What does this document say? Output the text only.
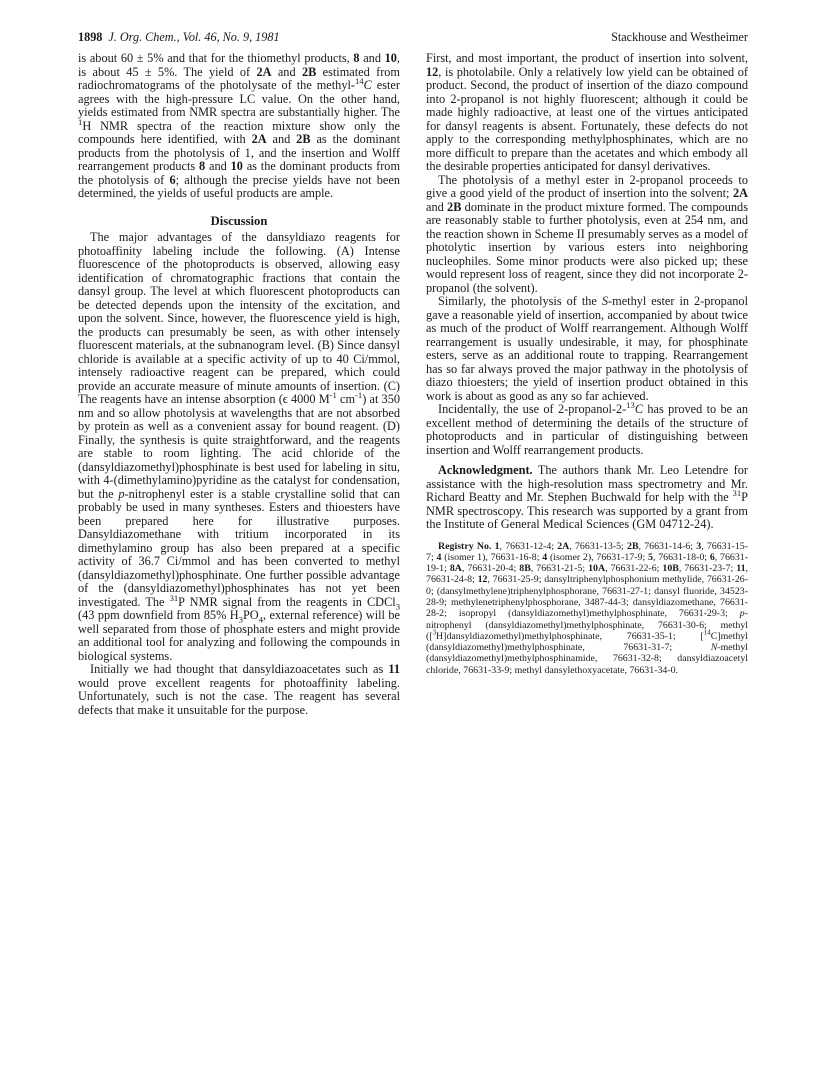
1898 J. Org. Chem., Vol. 46, No. 9, 1981	Stackhouse and Westheimer

is about 60 ± 5% and that for the thiomethyl products, 8 and 10, is about 45 ± 5%. The yield of 2A and 2B estimated from radiochromatograms of the photolysate of the methyl-$^{14}$C ester agrees with the high-pressure LC value. On the other hand, yields estimated from NMR spectra are substantially higher. The $^1$H NMR spectra of the reaction mixture show only the compounds here identified, with 2A and 2B as the dominant products from the photolysis of 1, and the insertion and Wolff rearrangement products 8 and 10 as the dominant products from the photolysis of 6; although the precise yields have not been determined, the yields of useful products are ample.

Discussion

The major advantages of the dansyldiazo reagents for photoaffinity labeling include the following. (A) Intense fluorescence of the photoproducts is observed, allowing easy identification of chromatographic fractions that contain the dansyl group. The level at which fluorescent photoproducts can be detected depends upon the intensity of the excitation, and upon the solvent. Since, however, the fluorescence yield is high, the products can presumably be seen, as with other intensely fluorescent materials, at the subnanogram level. (B) Since dansyl chloride is available at a specific activity of up to 40 Ci/mmol, intensely radioactive reagent can be prepared, which could provide an accurate measure of minute amounts of insertion. (C) The reagents have an intense absorption (ϵ 4000 $M^{-1}$ $cm^{-1}$) at 350 nm and so allow photolysis at wavelengths that are not absorbed by protein as well as a convenient assay for bound reagent. (D) Finally, the synthesis is quite straightforward, and the reagents are stable to room lighting. The acid chloride of the (dansyldiazomethyl)phosphinate is best used for labeling in situ, with 4-(dimethylamino)pyridine as the catalyst for condensation, but the p-nitrophenyl ester is a stable crystalline solid that can probably be used in many syntheses. Esters and thioesters have been prepared here for illustrative purposes. Dansyldiazomethane with tritium incorporated in its dimethylamino group has also been prepared at a specific activity of 36.7 Ci/mmol and has been converted to methyl (dansyldiazomethyl)phosphinate. One further possible advantage of the (dansyldiazomethyl)phosphinates has not yet been investigated. The $^{31}$P NMR signal from the reagents in CDCl$_3$ (43 ppm downfield from 85% $H_3PO_4$, external reference) will be well separated from those of phosphate esters and might provide an additional tool for analyzing and following the compounds in biological systems.

Initially we had thought that dansyldiazoacetates such as 11 would prove excellent reagents for photoaffinity labeling. Unfortunately, such is not the case. The reagent has several defects that make it unsuitable for the purpose.

First, and most important, the product of insertion into solvent, 12, is photolabile. Only a relatively low yield can be obtained of product. Second, the product of insertion of the diazo compound into 2-propanol is not highly fluorescent; although it could be made highly radioactive, at least one of the virtues anticipated for dansyl reagents is absent. Fortunately, these defects do not apply to the corresponding methylphosphinates, which are no more difficult to prepare than the acetates and which embody all the desirable properties anticipated for dansyl derivatives.

The photolysis of a methyl ester in 2-propanol proceeds to give a good yield of the product of insertion into the solvent; 2A and 2B dominate in the product mixture formed. The compounds are reasonably stable to further photolysis, even at 254 nm, and the reaction shown in Scheme II presumably serves as a model of photolytic insertion by various esters into neighboring nucleophiles. Some minor products were also picked up; these would represent loss of reagent, since they did not incorporate 2-propanol (the solvent).

Similarly, the photolysis of the S-methyl ester in 2-propanol gave a reasonable yield of insertion, accompanied by about twice as much of the product of Wolff rearrangement. Although Wolff rearrangement is usually undesirable, it may, for phosphinate esters, serve as an additional route to trapping. Rearrangement has so far always proved the major pathway in the photolysis of diazo thioesters; the yield of insertion product obtained in this work is about as good as any so far achieved.

Incidentally, the use of 2-propanol-2-$^{13}$C has proved to be an excellent method of determining the details of the structure of photoproducts and in particular of distinguishing between insertion and Wolff rearrangement products.

Acknowledgment. The authors thank Mr. Leo Letendre for assistance with the high-resolution mass spectrometry and Mr. Richard Beatty and Mr. Stephen Buchwald for help with the $^{31}$P NMR spectroscopy. This research was supported by a grant from the Institute of General Medical Sciences (GM 04712-24).

Registry No. 1, 76631-12-4; 2A, 76631-13-5; 2B, 76631-14-6; 3, 76631-15-7; 4 (isomer 1), 76631-16-8; 4 (isomer 2), 76631-17-9; 5, 76631-18-0; 6, 76631-19-1; 8A, 76631-20-4; 8B, 76631-21-5; 10A, 76631-22-6; 10B, 76631-23-7; 11, 76631-24-8; 12, 76631-25-9; dansyltriphenylphosphonium methylide, 76631-26-0; (dansylmethylene)triphenylphosphorane, 76631-27-1; dansyl fluoride, 34523-28-9; methylenetriphenylphosphorane, 3487-44-3; dansyldiazomethane, 76631-28-2; isopropyl (dansyldiazomethyl)methylphosphinate, 76631-29-3; p-nitrophenyl (dansyldiazomethyl)methylphosphinate, 76631-30-6; methyl ([$^3$H]dansyldiazomethyl)methylphosphinate, 76631-35-1; [$^{14}$C]methyl (dansyldiazomethyl)methylphosphinate, 76631-31-7; N-methyl (dansyldiazomethyl)methylphosphinamide, 76631-32-8; dansyldiazoacetyl chloride, 76631-33-9; methyl dansylethoxyacetate, 76631-34-0.
